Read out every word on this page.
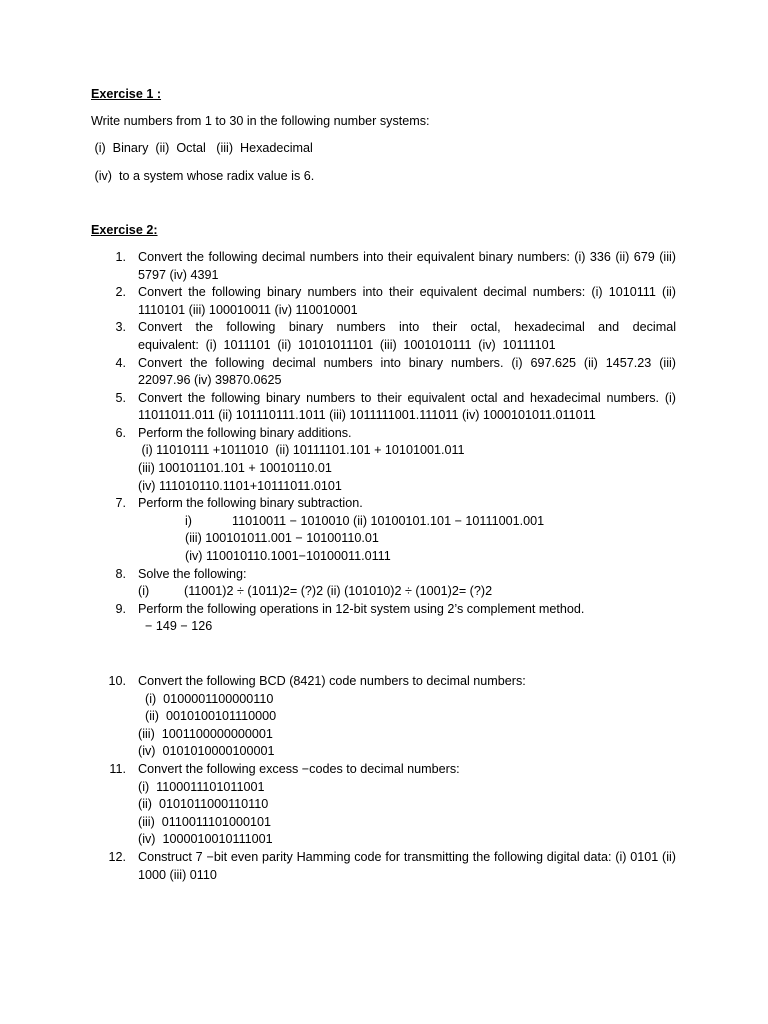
Exercise 1 :

Write numbers from 1 to 30 in the following number systems:

(i)  Binary  (ii)  Octal   (iii)  Hexadecimal

(iv)  to a system whose radix value is 6.

Exercise 2:

1. Convert the following decimal numbers into their equivalent binary numbers: (i) 336 (ii) 679 (iii) 5797 (iv) 4391
2. Convert the following binary numbers into their equivalent decimal numbers: (i) 1010111 (ii) 1110101 (iii) 100010011 (iv) 110010001
3. Convert the following binary numbers into their octal, hexadecimal and decimal equivalent: (i) 1011101 (ii) 10101011101 (iii) 1001010111 (iv) 10111101
4. Convert the following decimal numbers into binary numbers. (i) 697.625 (ii) 1457.23 (iii) 22097.96 (iv) 39870.0625
5. Convert the following binary numbers to their equivalent octal and hexadecimal numbers. (i) 11011011.011 (ii) 101110111.1011 (iii) 1011111001.111011 (iv) 1000101011.011011
6. Perform the following binary additions.
(i) 11010111 +1011010  (ii) 10111101.101 + 10101001.011
(iii) 100101101.101 + 10010110.01
(iv) 111010110.1101+10111011.0101
7. Perform the following binary subtraction.
i)	11010011 − 1010010 (ii) 10100101.101 − 10111001.001
(iii) 100101011.001 − 10100110.01
(iv) 110010110.1001−10100011.0111
8. Solve the following:
(i)	(11001)2 ÷ (1011)2= (?)2 (ii) (101010)2 ÷ (1001)2= (?)2
9. Perform the following operations in 12-bit system using 2’s complement method.
− 149 − 126
10. Convert the following BCD (8421) code numbers to decimal numbers:
(i)  0100001100000110
(ii)  0010100101110000
(iii)  1001100000000001
(iv)  0101010000100001
11. Convert the following excess −codes to decimal numbers:
(i)  1100011101011001
(ii)  0101011000110110
(iii)  0110011101000101
(iv)  1000010010111001
12. Construct 7 −bit even parity Hamming code for transmitting the following digital data: (i) 0101 (ii) 1000 (iii) 0110
